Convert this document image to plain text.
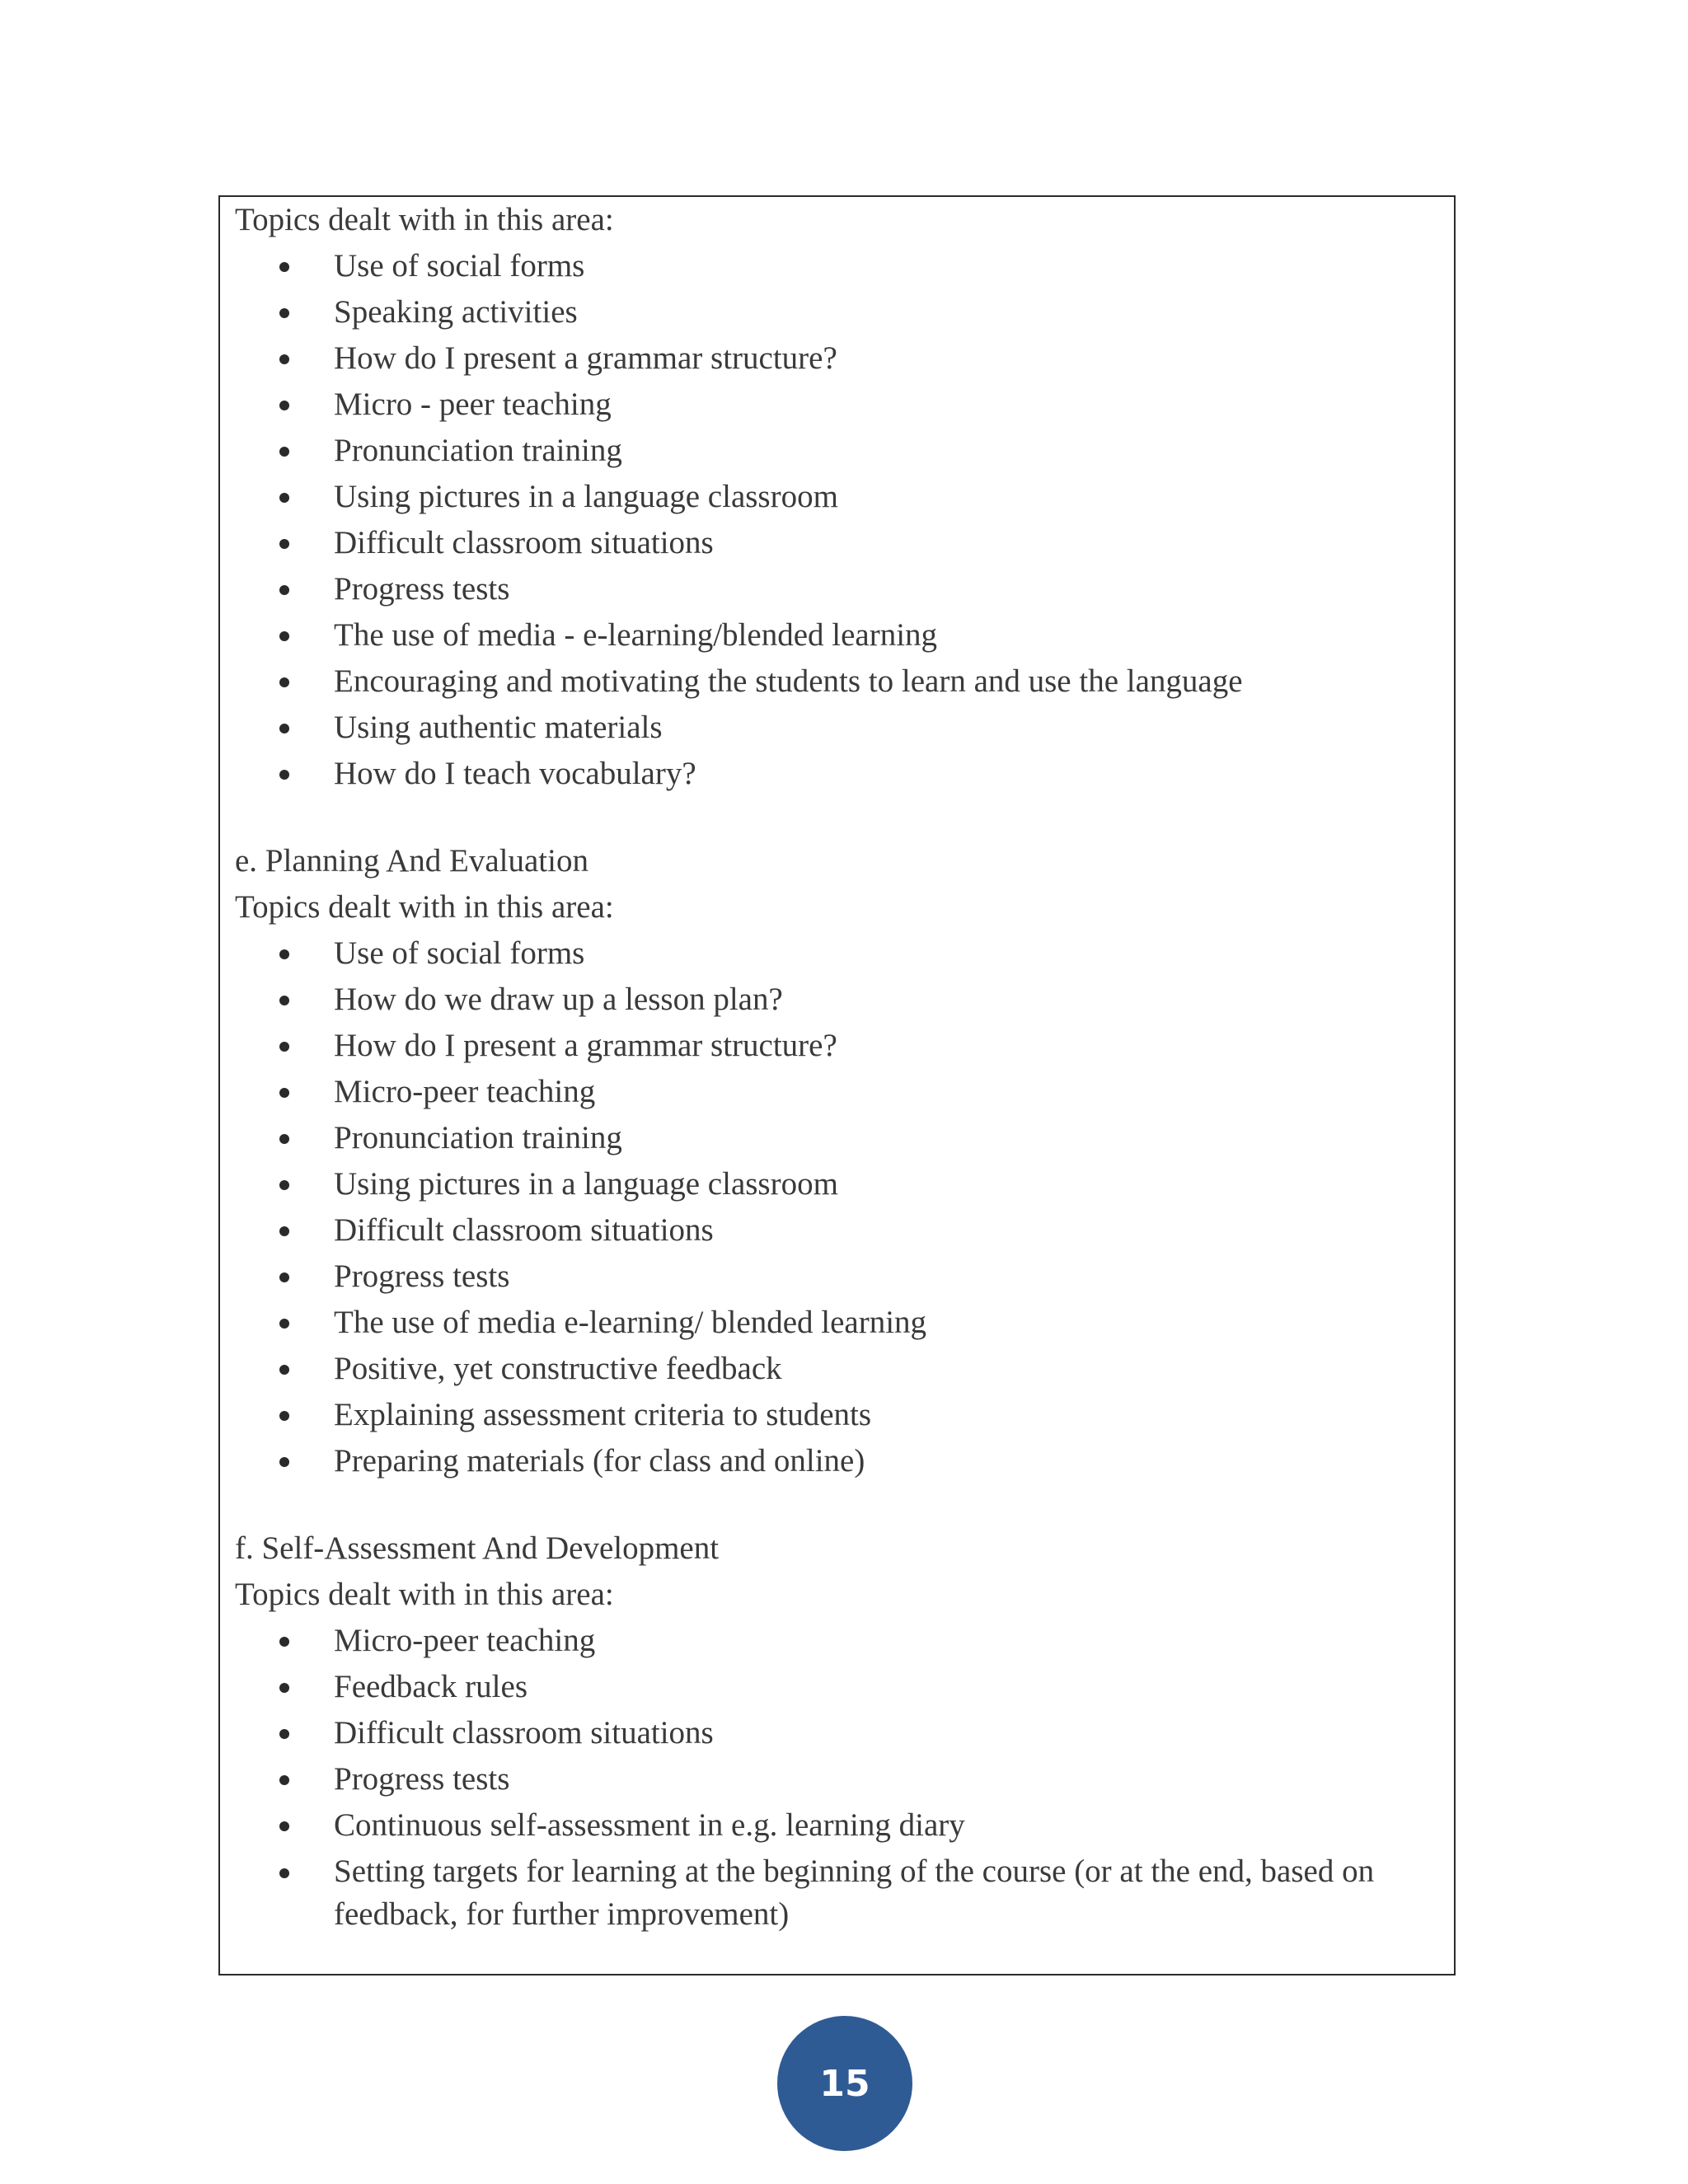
Topics dealt with in this area:

Use of social forms
Speaking activities
How do I present a grammar structure?
Micro - peer teaching
Pronunciation training
Using pictures in a language classroom
Difficult classroom situations
Progress tests
The use of media - e-learning/blended learning
Encouraging and motivating the students to learn and use the language
Using authentic materials
How do I teach vocabulary?

e. Planning And Evaluation

Topics dealt with in this area:

Use of social forms
How do we draw up a lesson plan?
How do I present a grammar structure?
Micro-peer teaching
Pronunciation training
Using pictures in a language classroom
Difficult classroom situations
Progress tests
The use of media e-learning/ blended learning
Positive, yet constructive feedback
Explaining assessment criteria to students
Preparing materials (for class and online)

f. Self-Assessment And Development

Topics dealt with in this area:

Micro-peer teaching
Feedback rules
Difficult classroom situations
Progress tests
Continuous self-assessment in e.g. learning diary
Setting targets for learning at the beginning of the course (or at the end, based on feedback, for further improvement)
15
